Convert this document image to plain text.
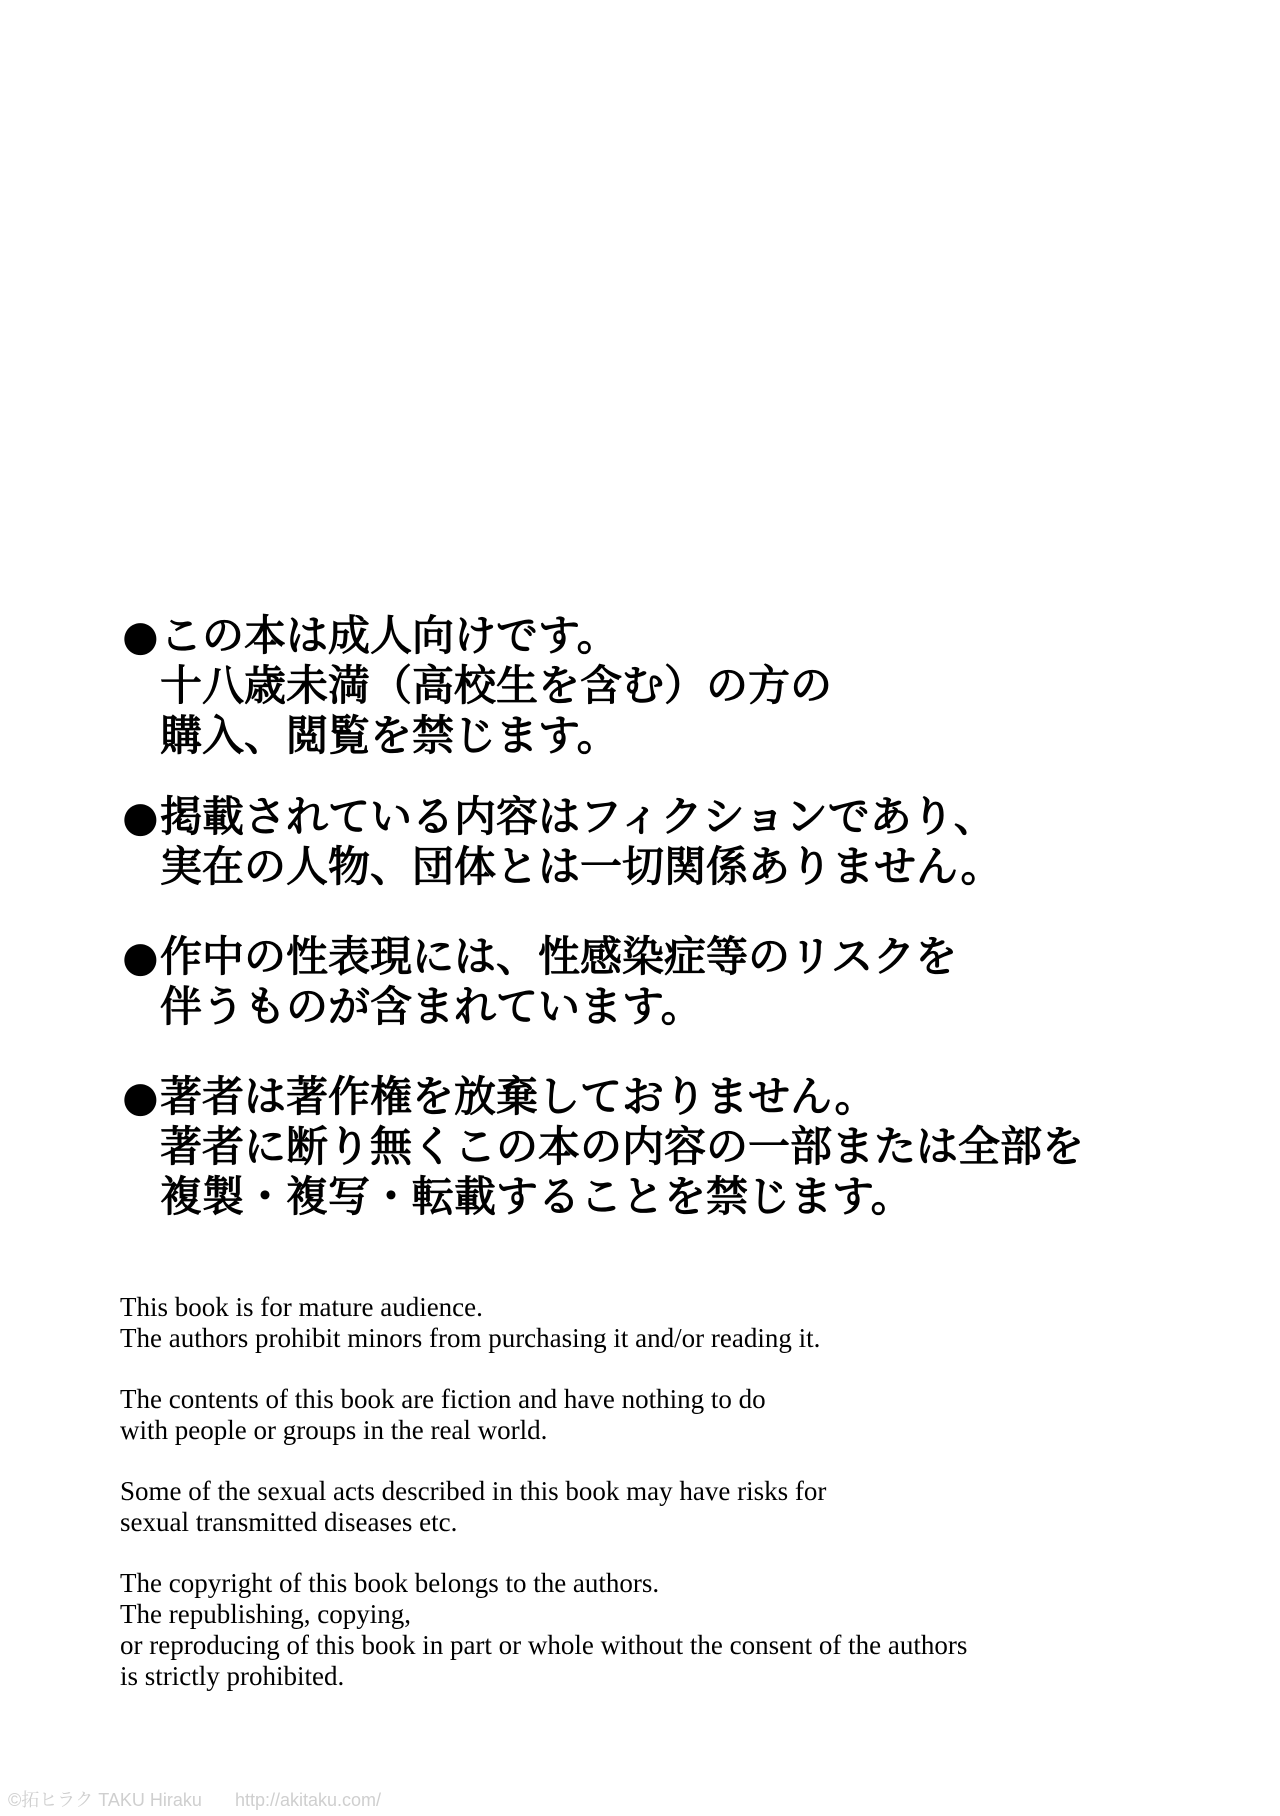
●この本は成人向けです。
十八歳未満（高校生を含む）の方の
購入、閲覧を禁じます。
●掲載されている内容はフィクションであり、
実在の人物、団体とは一切関係ありません。
●作中の性表現には、性感染症等のリスクを
伴うものが含まれています。
●著者は著作権を放棄しておりません。
著者に断り無くこの本の内容の一部または全部を
複製・複写・転載することを禁じます。
This book is for mature audience.
The authors prohibit minors from purchasing it and/or reading it.
The contents of this book are fiction and have nothing to do
with people or groups in the real world.
Some of the sexual acts described in this book may have risks for
sexual transmitted diseases etc.
The copyright of this book belongs to the authors.
The republishing, copying,
or reproducing of this book in part or whole without the consent of the authors
is strictly prohibited.
©拓ヒラク TAKU Hiraku http://akitaku.com/
